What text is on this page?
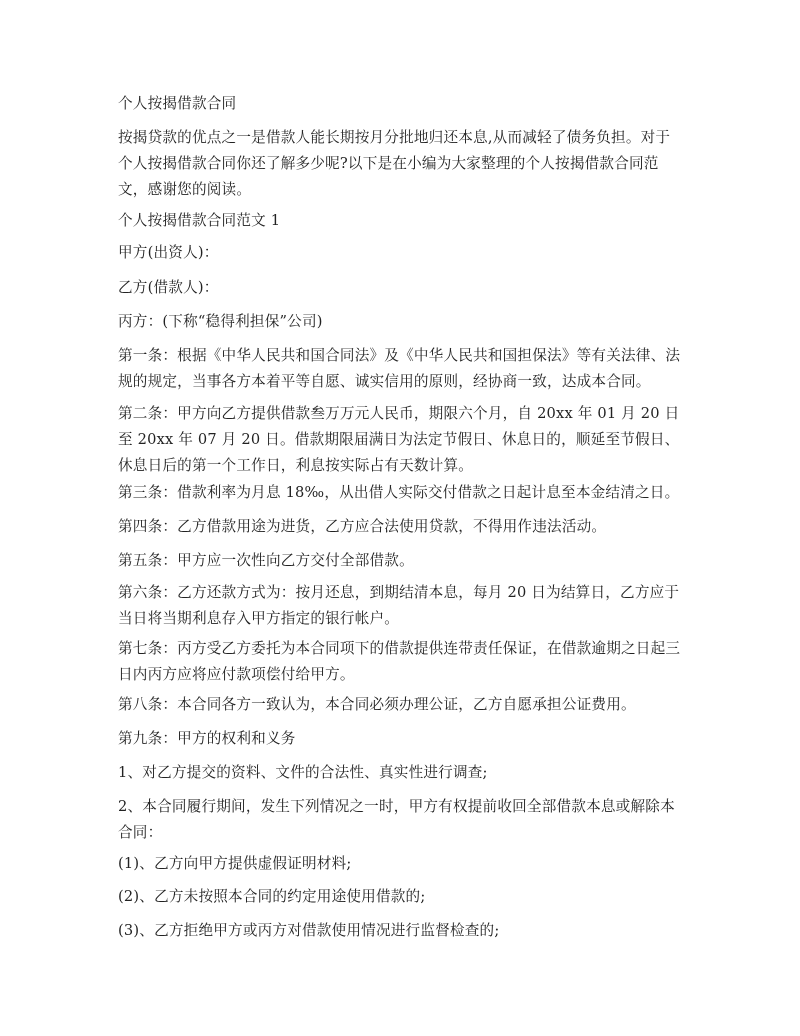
个人按揭借款合同

按揭贷款的优点之一是借款人能长期按月分批地归还本息,从而减轻了债务负担。对于个人按揭借款合同你还了解多少呢?以下是在小编为大家整理的个人按揭借款合同范文，感谢您的阅读。

个人按揭借款合同范文 1

甲方(出资人)：

乙方(借款人)：

丙方：(下称“稳得利担保”公司)

第一条：根据《中华人民共和国合同法》及《中华人民共和国担保法》等有关法律、法规的规定，当事各方本着平等自愿、诚实信用的原则，经协商一致，达成本合同。

第二条：甲方向乙方提供借款叁万万元人民币，期限六个月，自 20xx 年 01 月 20 日至 20xx 年 07 月 20 日。借款期限届满日为法定节假日、休息日的，顺延至节假日、休息日后的第一个工作日，利息按实际占有天数计算。

第三条：借款利率为月息 18‰，从出借人实际交付借款之日起计息至本金结清之日。

第四条：乙方借款用途为进货，乙方应合法使用贷款，不得用作违法活动。

第五条：甲方应一次性向乙方交付全部借款。

第六条：乙方还款方式为：按月还息，到期结清本息，每月 20 日为结算日，乙方应于当日将当期利息存入甲方指定的银行帐户。

第七条：丙方受乙方委托为本合同项下的借款提供连带责任保证，在借款逾期之日起三日内丙方应将应付款项偿付给甲方。

第八条：本合同各方一致认为，本合同必须办理公证，乙方自愿承担公证费用。

第九条：甲方的权利和义务

1、对乙方提交的资料、文件的合法性、真实性进行调查;

2、本合同履行期间，发生下列情况之一时，甲方有权提前收回全部借款本息或解除本合同：

(1)、乙方向甲方提供虚假证明材料;

(2)、乙方未按照本合同的约定用途使用借款的;

(3)、乙方拒绝甲方或丙方对借款使用情况进行监督检查的;
